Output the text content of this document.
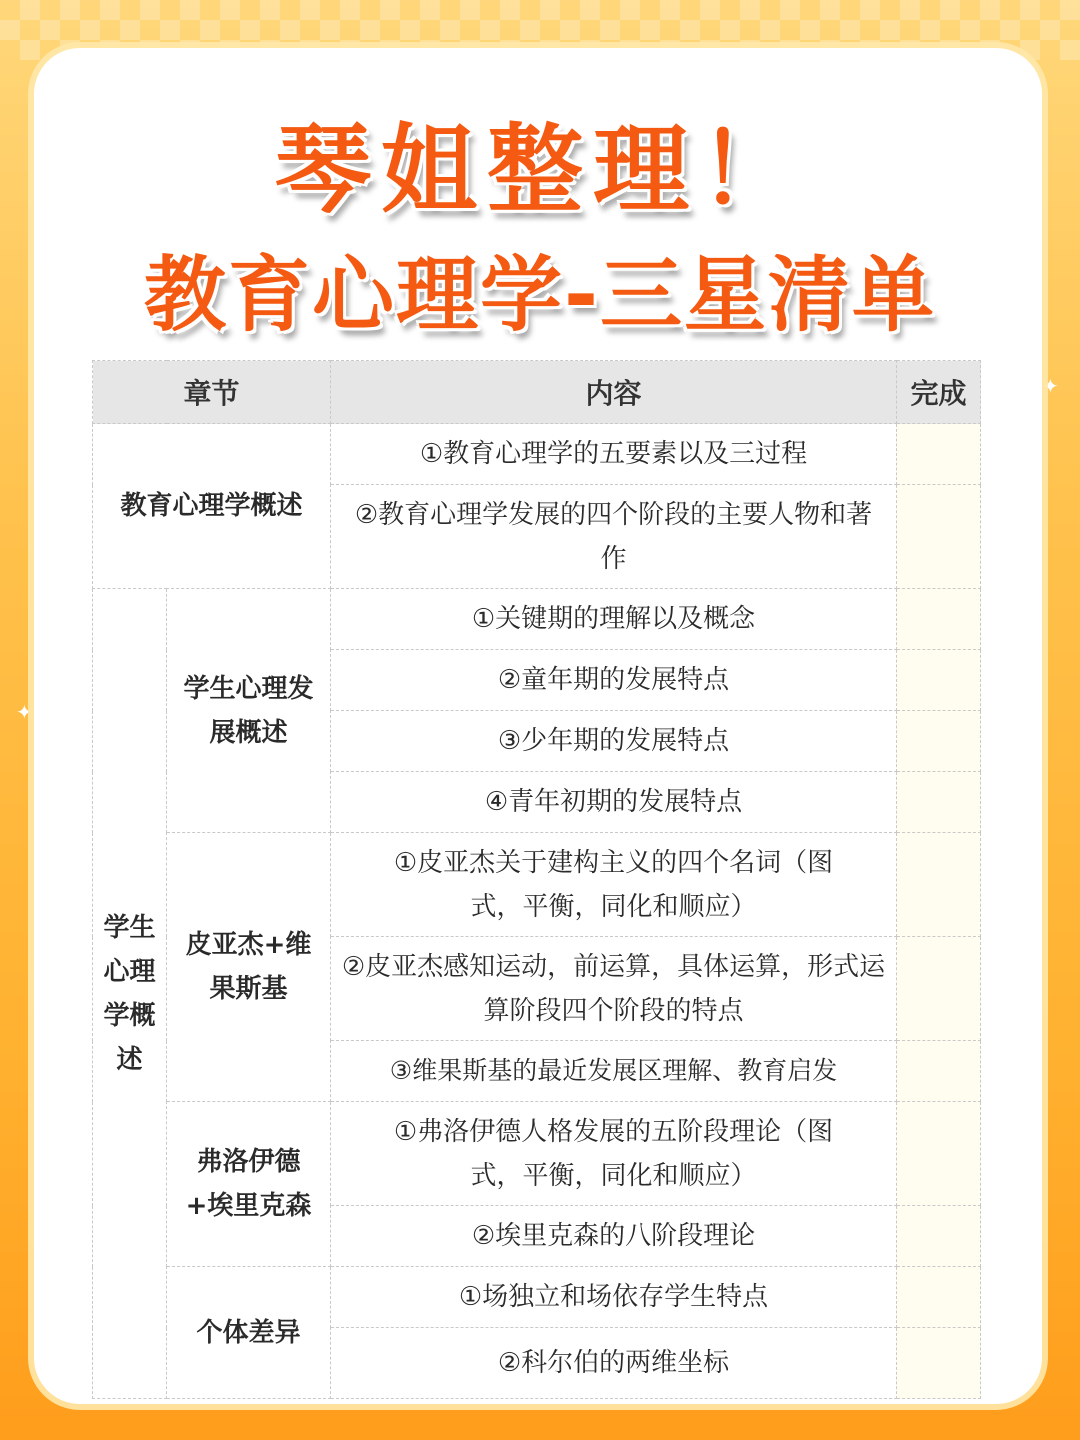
✦
✦
琴姐整理！
教育心理学-三星清单
章节		内容	完成
教育心理学概述		①教育心理学的五要素以及三过程	
		②教育心理学发展的四个阶段的主要人物和著作	
学生心理学概述	学生心理发展概述	①关键期的理解以及概念	
		②童年期的发展特点	
		③少年期的发展特点	
		④青年初期的发展特点	
	皮亚杰+维果斯基	①皮亚杰关于建构主义的四个名词（图式，平衡，同化和顺应）	
		②皮亚杰感知运动，前运算，具体运算，形式运算阶段四个阶段的特点	
		③维果斯基的最近发展区理解、教育启发	
	弗洛伊德+埃里克森	①弗洛伊德人格发展的五阶段理论（图式，平衡，同化和顺应）	
		②埃里克森的八阶段理论	
	个体差异	①场独立和场依存学生特点	
		②科尔伯的两维坐标	
